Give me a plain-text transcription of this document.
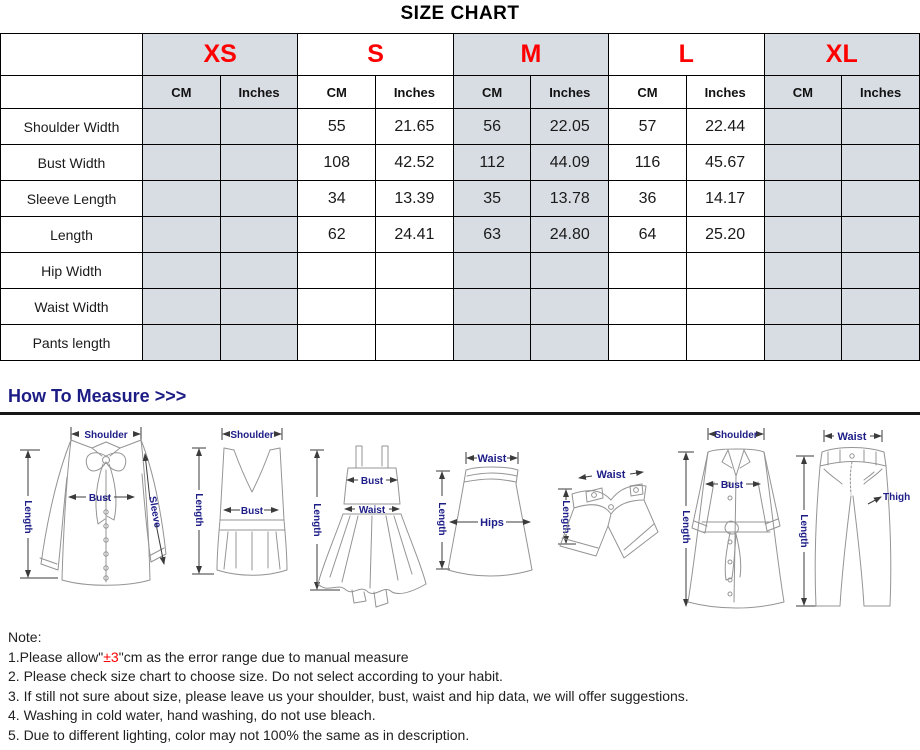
SIZE CHART
	XS		S		M		L		XL	
	CM	Inches	CM	Inches	CM	Inches	CM	Inches	CM	Inches
Shoulder Width			55	21.65	56	22.05	57	22.44		
Bust Width			108	42.52	112	44.09	116	45.67		
Sleeve Length			34	13.39	35	13.78	36	14.17		
Length			62	24.41	63	24.80	64	25.20		
Hip Width										
Waist Width										
Pants length										
How To Measure >>>
Shoulder
Length	Sleeve
Bust
Shoulder
Length	Bust	Length
Bust
Waist
Waist
Length	Hips
Waist
Length
Shoulder
Length
Bust
Waist
Length
Thigh
Note:
1.Please allow"±3"cm as the error range due to manual measure
2. Please check size chart to choose size. Do not select according to your habit.
3. If still not sure about size, please leave us your shoulder, bust, waist and hip data, we will offer suggestions.
4. Washing in cold water, hand washing, do not use bleach.
5. Due to different lighting, color may not 100% the same as in description.
